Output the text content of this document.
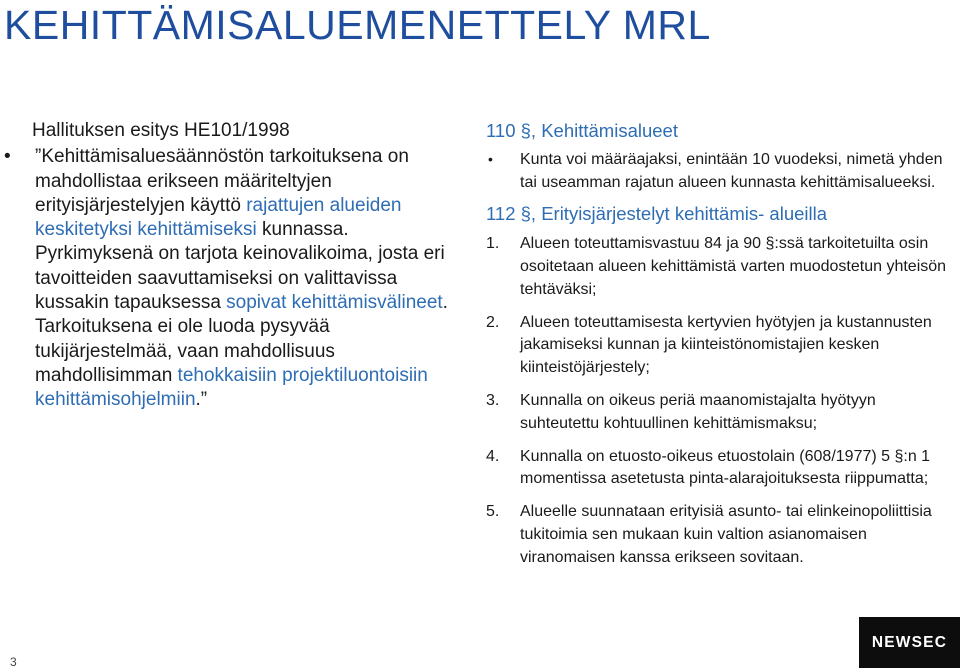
KEHITTÄMISALUEMENETTELY MRL
Hallituksen esitys HE101/1998
• ”Kehittämisaluesäännöstön tarkoituksena on mahdollistaa erikseen määriteltyjen erityisjärjestelyjen käyttö rajattujen alueiden keskitetyksi kehittämiseksi kunnassa. Pyrkimyksenä on tarjota keinovalikoima, josta eri tavoitteiden saavuttamiseksi on valittavissa kussakin tapauksessa sopivat kehittämisvälineet. Tarkoituksena ei ole luoda pysyvää tukijärjestelmää, vaan mahdollisuus mahdollisimman tehokkaisiin projektiluontoisiin kehittämisohjelmiin.”
110 §, Kehittämisalueet
• Kunta voi määräajaksi, enintään 10 vuodeksi, nimetä yhden tai useamman rajatun alueen kunnasta kehittämisalueeksi.
112 §, Erityisjärjestelyt kehittämis- alueilla
1. Alueen toteuttamisvastuu 84 ja 90 §:ssä tarkoitetuilta osin osoitetaan alueen kehittämistä varten muodostetun yhteisön tehtäväksi;
2. Alueen toteuttamisesta kertyvien hyötyjen ja kustannusten jakamiseksi kunnan ja kiinteistönomistajien kesken kiinteistöjärjestely;
3. Kunnalla on oikeus periä maanomistajalta hyötyyn suhteutettu kohtuullinen kehittämismaksu;
4. Kunnalla on etuosto-oikeus etuostolain (608/1977) 5 §:n 1 momentissa asetetusta pinta-alarajoituksesta riippumatta;
5. Alueelle suunnataan erityisiä asunto- tai elinkeinopoliittisia tukitoimia sen mukaan kuin valtion asianomaisen viranomaisen kanssa erikseen sovitaan.
3
NEWSEC
